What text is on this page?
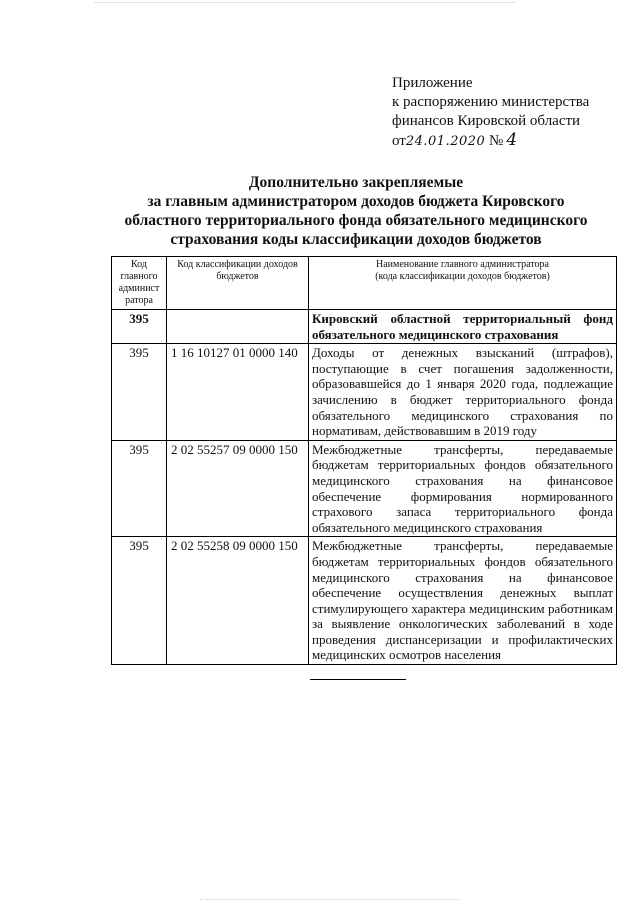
Приложение
к распоряжению министерства
финансов Кировской области
от24.01.2020 № 4
Дополнительно закрепляемые
за главным администратором доходов бюджета Кировского
областного территориального фонда обязательного медицинского
страхования коды классификации доходов бюджетов
Код главного админист ратора	Код классификации доходов бюджетов	Наименование главного администратора
(кода классификации доходов бюджетов)

395		Кировский областной территориальный фонд обязательного медицинского страхования
395	1 16 10127 01 0000 140	Доходы от денежных взысканий (штрафов), поступающие в счет погашения задолженности, образовавшейся до 1 января 2020 года, подлежащие зачислению в бюджет территориального фонда обязательного медицинского страхования по нормативам, действовавшим в 2019 году
395	2 02 55257 09 0000 150	Межбюджетные трансферты, передаваемые бюджетам территориальных фондов обязательного медицинского страхования на финансовое обеспечение формирования нормированного страхового запаса территориального фонда обязательного медицинского страхования
395	2 02 55258 09 0000 150	Межбюджетные трансферты, передаваемые бюджетам территориальных фондов обязательного медицинского страхования на финансовое обеспечение осуществления денежных выплат стимулирующего характера медицинским работникам за выявление онкологических заболеваний в ходе проведения диспансеризации и профилактических медицинских осмотров населения
